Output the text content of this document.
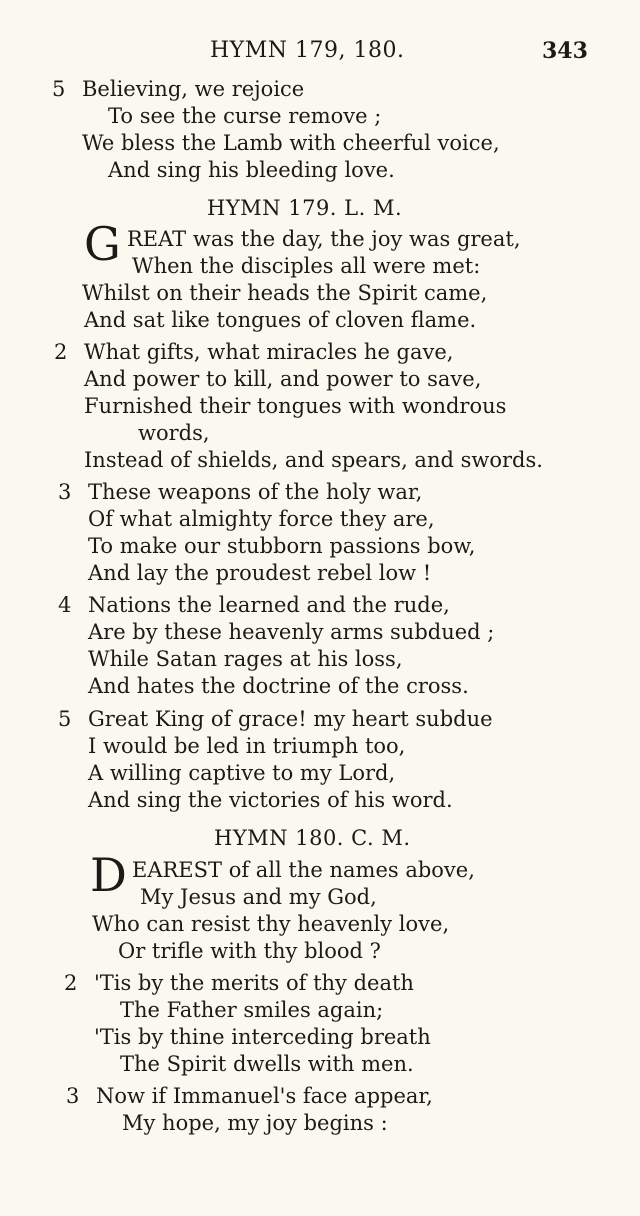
HYMN 179, 180.	343
5 Believing, we rejoice
To see the curse remove ;
We bless the Lamb with cheerful voice,
And sing his bleeding love.
HYMN 179. L. M.
G REAT was the day, the joy was great,
When the disciples all were met:
Whilst on their heads the Spirit came,
And sat like tongues of cloven flame.
2 What gifts, what miracles he gave,
And power to kill, and power to save,
Furnished their tongues with wondrous
words,
Instead of shields, and spears, and swords.
3 These weapons of the holy war,
Of what almighty force they are,
To make our stubborn passions bow,
And lay the proudest rebel low !
4 Nations the learned and the rude,
Are by these heavenly arms subdued ;
While Satan rages at his loss,
And hates the doctrine of the cross.
5 Great King of grace! my heart subdue
I would be led in triumph too,
A willing captive to my Lord,
And sing the victories of his word.
HYMN 180. C. M.
D EAREST of all the names above,
My Jesus and my God,
Who can resist thy heavenly love,
Or trifle with thy blood ?
2 'Tis by the merits of thy death
The Father smiles again;
'Tis by thine interceding breath
The Spirit dwells with men.
3 Now if Immanuel's face appear,
My hope, my joy begins :
